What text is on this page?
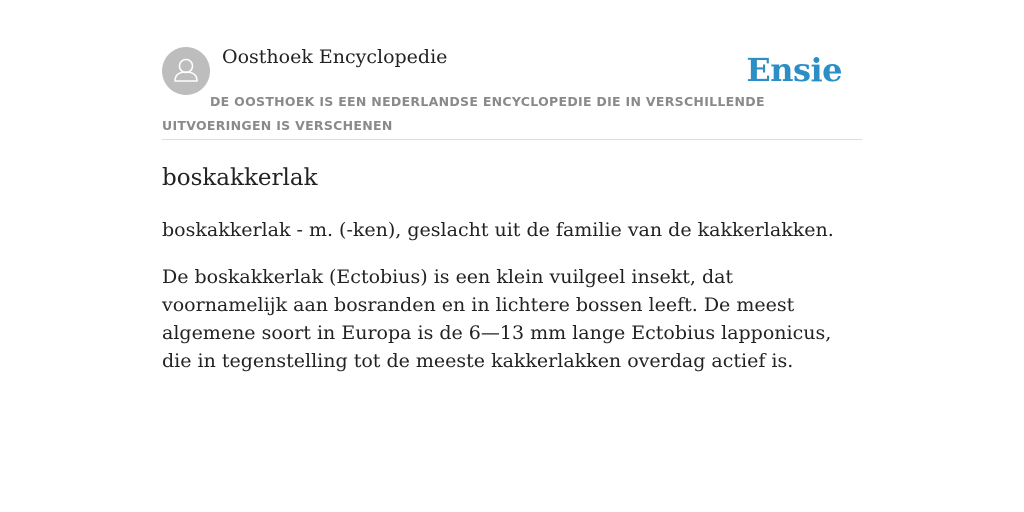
Oosthoek Encyclopedie	Ensie
DE OOSTHOEK IS EEN NEDERLANDSE ENCYCLOPEDIE DIE IN VERSCHILLENDE UITVOERINGEN IS VERSCHENEN
boskakkerlak

boskakkerlak - m. (-ken), geslacht uit de familie van de kakkerlakken.

De boskakkerlak (Ectobius) is een klein vuilgeel insekt, dat voornamelijk aan bosranden en in lichtere bossen leeft. De meest algemene soort in Europa is de 6—13 mm lange Ectobius lapponicus, die in tegenstelling tot de meeste kakkerlakken overdag actief is.
